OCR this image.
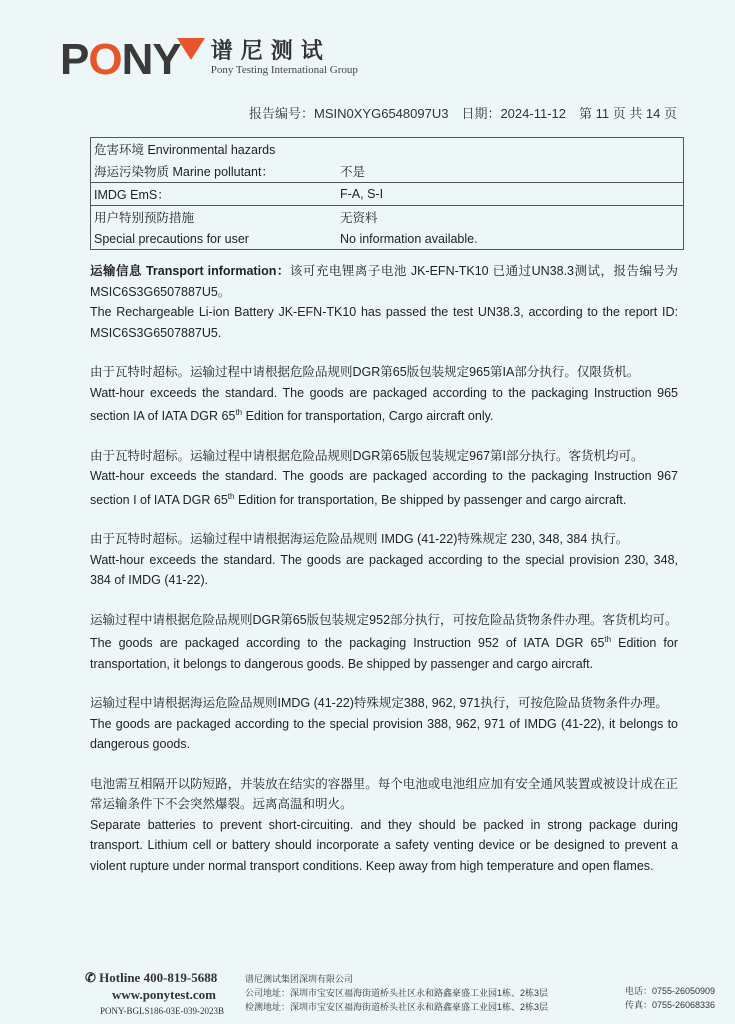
PONY 谱尼测试
Pony Testing International Group
报告编号：MSIN0XYG6548097U3　日期：2024-11-12　第 11 页 共 14 页
危害环境 Environmental hazards	
海运污染物质 Marine pollutant：	不是
IMDG EmS：	F-A, S-I
用户特别预防措施	无资料
Special precautions for user	No information available.

运输信息 Transport information：该可充电锂离子电池 JK-EFN-TK10 已通过UN38.3测试，报告编号为MSIC6S3G6507887U5。
The Rechargeable Li-ion Battery JK-EFN-TK10 has passed the test UN38.3, according to the report ID: MSIC6S3G6507887U5.

由于瓦特时超标。运输过程中请根据危险品规则DGR第65版包装规定965第IA部分执行。仅限货机。
Watt-hour exceeds the standard. The goods are packaged according to the packaging Instruction 965 section IA of IATA DGR 65th Edition for transportation, Cargo aircraft only.

由于瓦特时超标。运输过程中请根据危险品规则DGR第65版包装规定967第I部分执行。客货机均可。
Watt-hour exceeds the standard. The goods are packaged according to the packaging Instruction 967 section I of IATA DGR 65th Edition for transportation, Be shipped by passenger and cargo aircraft.

由于瓦特时超标。运输过程中请根据海运危险品规则 IMDG (41-22)特殊规定 230, 348, 384 执行。
Watt-hour exceeds the standard. The goods are packaged according to the special provision 230, 348, 384 of IMDG (41-22).

运输过程中请根据危险品规则DGR第65版包装规定952部分执行，可按危险品货物条件办理。客货机均可。
The goods are packaged according to the packaging Instruction 952 of IATA DGR 65th Edition for transportation, it belongs to dangerous goods. Be shipped by passenger and cargo aircraft.

运输过程中请根据海运危险品规则IMDG (41-22)特殊规定388, 962, 971执行，可按危险品货物条件办理。
The goods are packaged according to the special provision 388, 962, 971 of IMDG (41-22), it belongs to dangerous goods.

电池需互相隔开以防短路，并装放在结实的容器里。每个电池或电池组应加有安全通风装置或被设计成在正常运输条件下不会突然爆裂。远离高温和明火。
Separate batteries to prevent short-circuiting. and they should be packed in strong package during transport. Lithium cell or battery should incorporate a safety venting device or be designed to prevent a violent rupture under normal transport conditions. Keep away from high temperature and open flames.

✆ Hotline 400-819-5688
www.ponytest.com
PONY-BGLS186-03E-039-2023B
谱尼测试集团深圳有限公司
公司地址：深圳市宝安区福海街道桥头社区永和路鑫豪盛工业园1栋、2栋3层
检测地址：深圳市宝安区福海街道桥头社区永和路鑫豪盛工业园1栋、2栋3层
电话：0755-26050909
传真：0755-26068336
